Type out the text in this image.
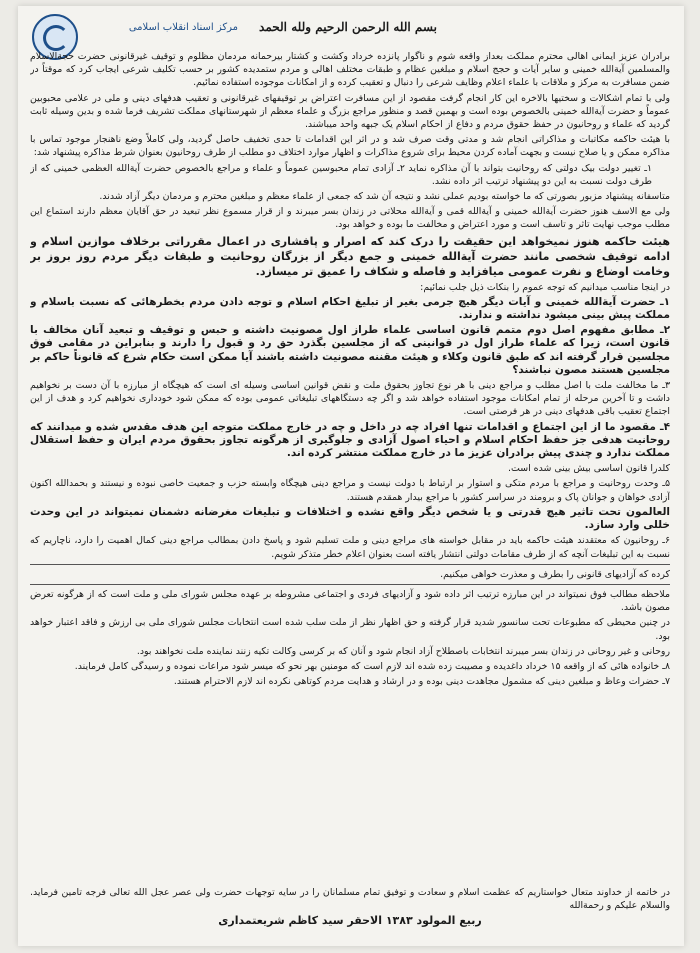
مرکز اسناد انقلاب اسلامی	بسم الله الرحمن الرحیم ولله الحمد

برادران عزیز ایمانی اهالی محترم مملکت بعداز واقعه شوم و ناگوار پانزده خرداد وکشت و کشتار بیرحمانه مردمان مظلوم و توقیف غیرقانونی حضرت حجةالاسلام والمسلمین آیةالله خمینی و سایر آیات و حجج اسلام و مبلغین عظام و طبقات مختلف اهالی و مردم ستمدیده کشور بر حسب تکلیف شرعی ایجاب کرد که موقتاً در ضمن مسافرت به مرکز و ملاقات با علماء اعلام وظایف شرعی را دنبال و تعقیب کرده و از امکانات موجوده استفاده نمائیم.

ولی با تمام اشکالات و سختیها بالاخره این کار انجام گرفت مقصود از این مسافرت اعتراض بر توقیفهای غیرقانونی و تعقیب هدفهای دینی و ملی در علامی محبوبین عموماً و حضرت آیةالله خمینی بالخصوص بوده است و بهمین قصد و منظور مراجع بزرگ و علماء معظم از شهرستانهای مملکت تشریف فرما شده و بدین وسیله ثابت گردید که علماء و روحانیون در حفظ حقوق مردم و دفاع از احکام اسلام یک جبهه واحد میباشند.

با هیئت حاکمه مکاتبات و مذاکراتی انجام شد و مدتی وقت صرف شد و در اثر این اقدامات تا حدی تخفیف حاصل گردید، ولی کاملاً وضع ناهنجار موجود تماس با مذاکره ممکن و یا صلاح نیست و بجهت آماده کردن محیط برای شروع مذاکرات و اظهار موارد اختلاف دو مطلب از طرف روحانیون بعنوان شرط مذاکره پیشنهاد شد:

۱ـ تغییر دولت بیک دولتی که روحانیت بتواند با آن مذاکره نماید ۲ـ آزادی تمام محبوسین عموماً و علماء و مراجع بالخصوص حضرت آیةالله العظمی خمینی که از طرف دولت نسبت به این دو پیشنهاد ترتیب اثر داده نشد.

متاسفانه پیشنهاد مزبور بصورتی که ما خواسته بودیم عملی نشد و نتیجه آن شد که جمعی از علماء معظم و مبلغین محترم و مردمان دیگر آزاد شدند.

ولی مع الاسف هنوز حضرت آیةالله خمینی و آیةالله قمی و آیةالله محلاتی در زندان بسر میبرند و از قرار مسموع نظر تبعید در حق آقایان معظم دارند استماع این مطلب موجب نهایت تاثر و تاسف است و مورد اعتراض و مخالفت ما بوده و خواهد بود.

هیئت حاکمه هنوز نمیخواهد این حقیقت را درک کند که اصرار و پافشاری در اعمال مقرراتی برخلاف موازین اسلام و ادامه توقیف شخصی مانند حضرت آیةالله خمینی و جمع دیگر از بزرگان روحانیت و طبقات دیگر مردم روز بروز بر وخامت اوضاع و نفرت عمومی میافزاید و فاصله و شکاف را عمیق تر میسازد.

در اینجا مناسب میدانیم که توجه عموم را بنکات ذیل جلب نمائیم:

۱ـ حضرت آیةالله خمینی و آیات دیگر هیچ جرمی بغیر از تبلیغ احکام اسلام و توجه دادن مردم بخطرهائی که نسبت باسلام و مملکت پیش بینی میشود نداشته و ندارند.

۲ـ مطابق مفهوم اصل دوم متمم قانون اساسی علماء طراز اول مصونیت داشته و حبس و توقیف و تبعید آنان مخالف با قانون است، زیرا که علماء طراز اول در قوانینی که از مجلسین بگذرد حق رد و قبول را دارند و بنابراین در مقامی فوق مجلسین قرار گرفته اند که طبق قانون وکلاء و هیئت مقننه مصونیت داشته باشند آیا ممکن است حکام شرع که قانوناً حاکم بر مجلسین هستند مصون نباشند؟

۳ـ ما مخالفت ملت با اصل مطلب و مراجع دینی با هر نوع تجاوز بحقوق ملت و نقض قوانین اساسی وسیله ای است که هیچگاه از مبارزه با آن دست بر نخواهیم داشت و تا آخرین مرحله از تمام امکانات موجود استفاده خواهد شد و اگر چه دستگاههای تبلیغاتی عمومی بوده که ممکن شود خودداری نخواهیم کرد و هدف از این اجتماع تعقیب باقی هدفهای دینی در هر فرصتی است.

۴ـ مقصود ما از این اجتماع و اقدامات تنها افراد چه در داخل و چه در خارج مملکت متوجه این هدف مقدس شده و میدانند که روحانیت هدفی جز حفظ احکام اسلام و احیاء اصول آزادی و جلوگیری از هرگونه تجاوز بحقوق مردم ایران و حفظ استقلال مملکت ندارد و چندی پیش برادران عزیز ما در خارج مملکت منتشر کرده اند.

کلدرا قانون اساسی بیش بینی شده است.

۵ـ وحدت روحانیت و مراجع با مردم متکی و استوار بر ارتباط با دولت نیست و مراجع دینی هیچگاه وابسته حزب و جمعیت خاصی نبوده و نیستند و بحمدالله اکنون آزادی خواهان و جوانان پاک و برومند در سراسر کشور با مراجع بیدار همقدم هستند.

العالمون تحت تاثیر هیچ قدرتی و یا شخص دیگر واقع نشده و اختلافات و تبلیغات مغرضانه دشمنان نمیتواند در این وحدت خللی وارد سازد.

۶ـ روحانیون که معتقدند هیئت حاکمه باید در مقابل خواسته های مراجع دینی و ملت تسلیم شود و پاسخ دادن بمطالب مراجع دینی کمال اهمیت را دارد، ناچاریم که نسبت به این تبلیغات آنچه که از طرف مقامات دولتی انتشار یافته است بعنوان اعلام خطر متذکر شویم.

کرده که آزادیهای قانونی را بطرف و معذرت خواهی میکنیم.

ملاحظه مطالب فوق نمیتواند در این مبارزه ترتیب اثر داده شود و آزادیهای فردی و اجتماعی مشروطه بر عهده مجلس شورای ملی و ملت است که از هرگونه تعرض مصون باشد.

در چنین محیطی که مطبوعات تحت سانسور شدید قرار گرفته و حق اظهار نظر از ملت سلب شده است انتخابات مجلس شورای ملی بی ارزش و فاقد اعتبار خواهد بود.

روحانی و غیر روحانی در زندان بسر میبرند انتخابات باصطلاح آزاد انجام شود و آنان که بر کرسی وکالت تکیه زنند نماینده ملت نخواهند بود.

۸ـ خانواده هائی که از واقعه ۱۵ خرداد داغدیده و مصیبت زده شده اند لازم است که مومنین بهر نحو که میسر شود مراعات نموده و رسیدگی کامل فرمایند.

۷ـ حضرات وعاظ و مبلغین دینی که مشمول مجاهدت دینی بوده و در ارشاد و هدایت مردم کوتاهی نکرده اند لازم الاحترام هستند.

در خاتمه از خداوند متعال خواستاریم که عظمت اسلام و سعادت و توفیق تمام مسلمانان را در سایه توجهات حضرت ولی عصر عجل الله تعالی فرجه تامین فرماید. والسلام علیکم و رحمةالله
ربیع المولود ۱۳۸۳ الاحقر سید کاظم شریعتمداری
